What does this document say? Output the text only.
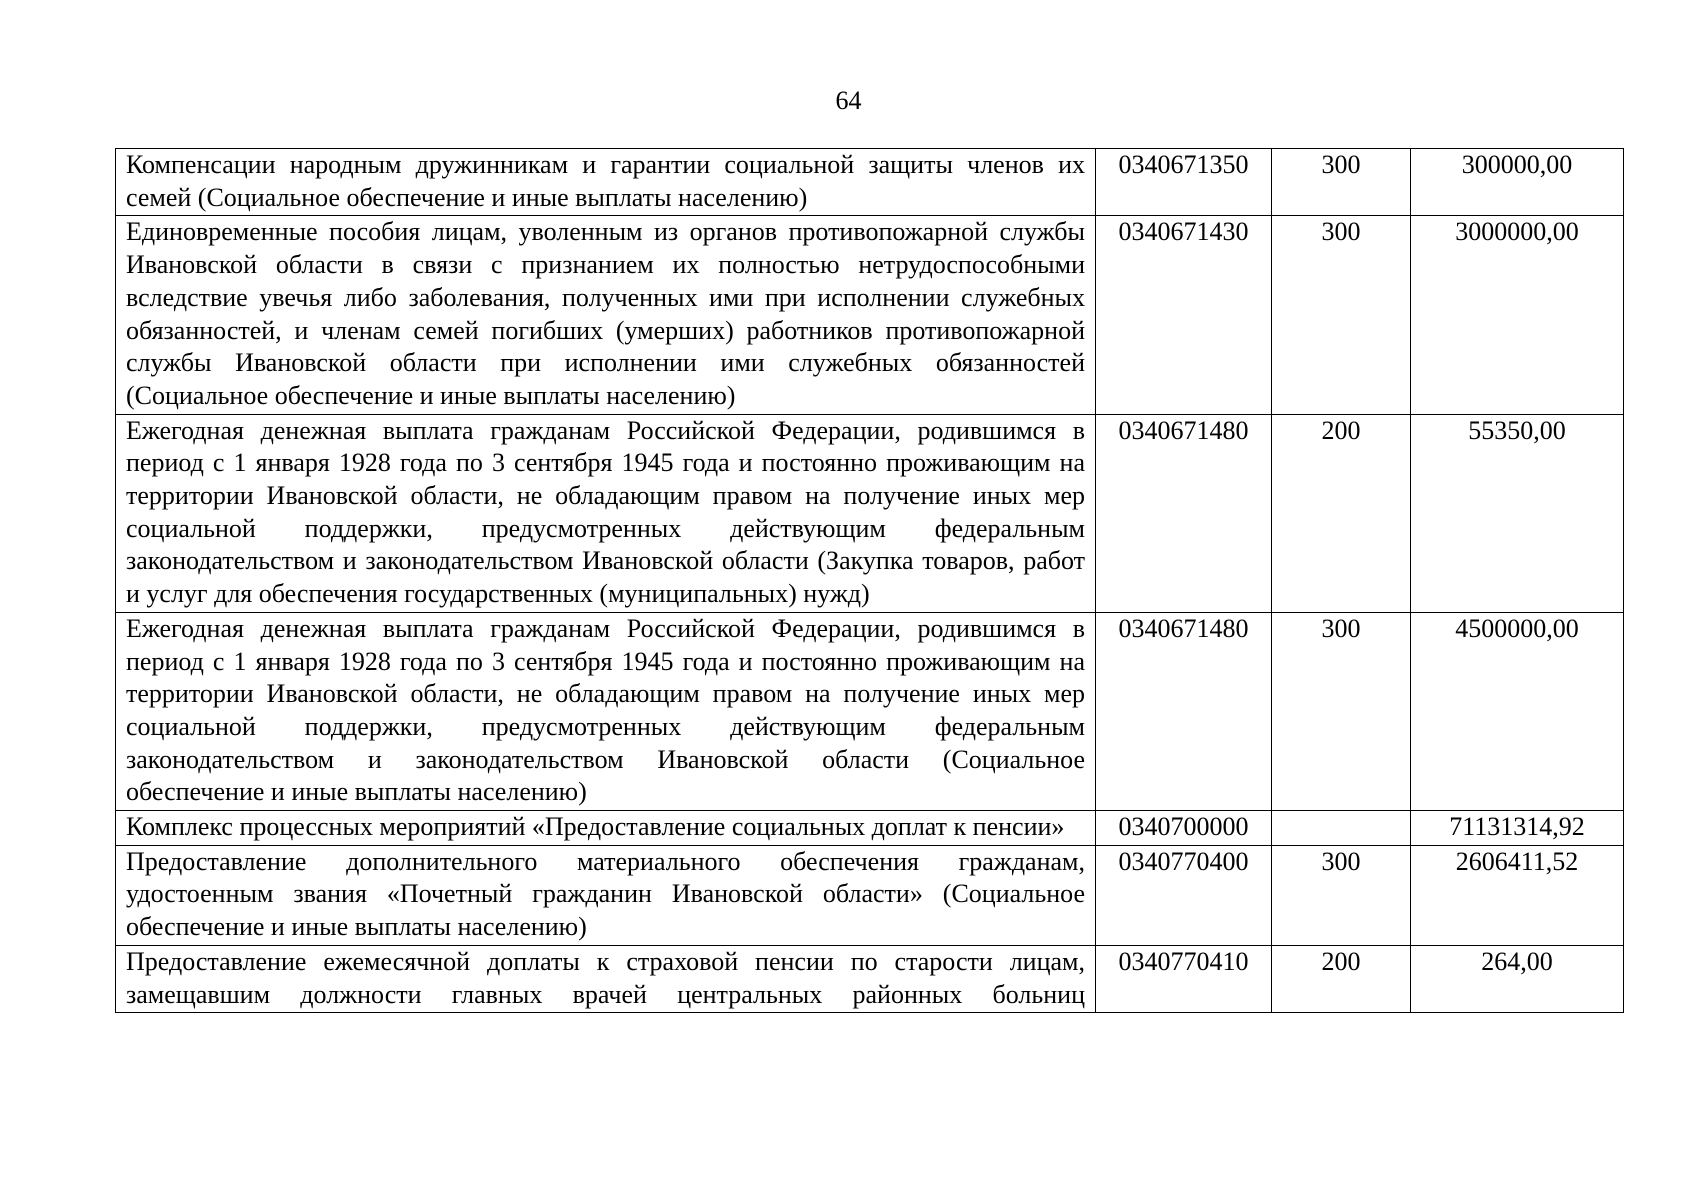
64
Компенсации народным дружинникам и гарантии социальной защиты членов их семей (Социальное обеспечение и иные выплаты населению)	0340671350	300	300000,00
Единовременные пособия лицам, уволенным из органов противопожарной службы Ивановской области в связи с признанием их полностью нетрудоспособными вследствие увечья либо заболевания, полученных ими при исполнении служебных обязанностей, и членам семей погибших (умерших) работников противопожарной службы Ивановской области при исполнении ими служебных обязанностей (Социальное обеспечение и иные выплаты населению)	0340671430	300	3000000,00
Ежегодная денежная выплата гражданам Российской Федерации, родившимся в период с 1 января 1928 года по 3 сентября 1945 года и постоянно проживающим на территории Ивановской области, не обладающим правом на получение иных мер социальной поддержки, предусмотренных действующим федеральным законодательством и законодательством Ивановской области (Закупка товаров, работ и услуг для обеспечения государственных (муниципальных) нужд)	0340671480	200	55350,00
Ежегодная денежная выплата гражданам Российской Федерации, родившимся в период с 1 января 1928 года по 3 сентября 1945 года и постоянно проживающим на территории Ивановской области, не обладающим правом на получение иных мер социальной поддержки, предусмотренных действующим федеральным законодательством и законодательством Ивановской области (Социальное обеспечение и иные выплаты населению)	0340671480	300	4500000,00
Комплекс процессных мероприятий «Предоставление социальных доплат к пенсии»	0340700000		71131314,92
Предоставление дополнительного материального обеспечения гражданам, удостоенным звания «Почетный гражданин Ивановской области» (Социальное обеспечение и иные выплаты населению)	0340770400	300	2606411,52
Предоставление ежемесячной доплаты к страховой пенсии по старости лицам, замещавшим должности главных врачей центральных районных больниц	0340770410	200	264,00
